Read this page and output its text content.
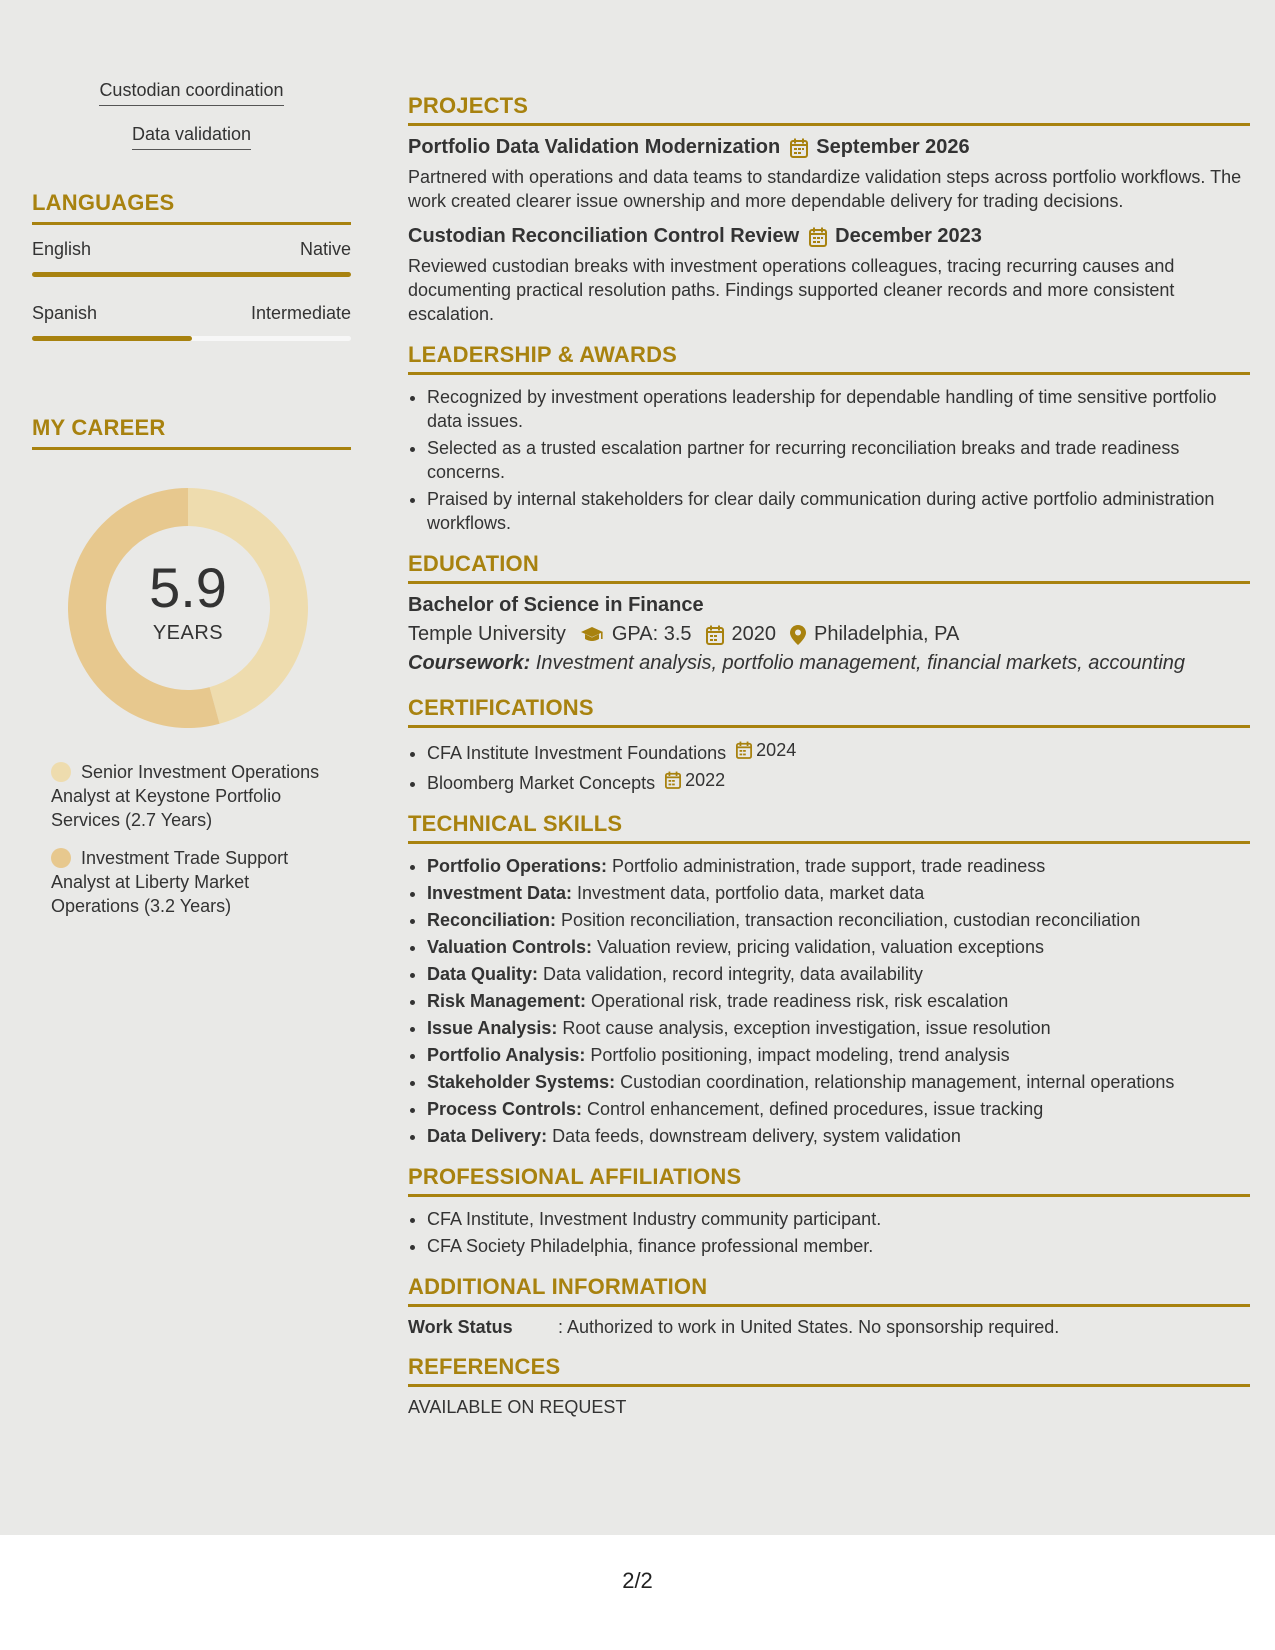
Custodian coordination
Data validation
LANGUAGES
English	Native
Spanish	Intermediate
MY CAREER
5.9
YEARS
Senior Investment Operations Analyst at Keystone Portfolio Services (2.7 Years)
Investment Trade Support Analyst at Liberty Market Operations (3.2 Years)
PROJECTS
Portfolio Data Validation Modernization September 2026
Partnered with operations and data teams to standardize validation steps across portfolio workflows. The work created clearer issue ownership and more dependable delivery for trading decisions.
Custodian Reconciliation Control Review December 2023
Reviewed custodian breaks with investment operations colleagues, tracing recurring causes and documenting practical resolution paths. Findings supported cleaner records and more consistent escalation.
LEADERSHIP & AWARDS
• Recognized by investment operations leadership for dependable handling of time sensitive portfolio data issues.
• Selected as a trusted escalation partner for recurring reconciliation breaks and trade readiness concerns.
• Praised by internal stakeholders for clear daily communication during active portfolio administration workflows.
EDUCATION
Bachelor of Science in Finance
Temple University GPA: 3.5 2020 Philadelphia, PA
Coursework: Investment analysis, portfolio management, financial markets, accounting
CERTIFICATIONS
• CFA Institute Investment Foundations 2024
• Bloomberg Market Concepts 2022
TECHNICAL SKILLS
• Portfolio Operations: Portfolio administration, trade support, trade readiness
• Investment Data: Investment data, portfolio data, market data
• Reconciliation: Position reconciliation, transaction reconciliation, custodian reconciliation
• Valuation Controls: Valuation review, pricing validation, valuation exceptions
• Data Quality: Data validation, record integrity, data availability
• Risk Management: Operational risk, trade readiness risk, risk escalation
• Issue Analysis: Root cause analysis, exception investigation, issue resolution
• Portfolio Analysis: Portfolio positioning, impact modeling, trend analysis
• Stakeholder Systems: Custodian coordination, relationship management, internal operations
• Process Controls: Control enhancement, defined procedures, issue tracking
• Data Delivery: Data feeds, downstream delivery, system validation
PROFESSIONAL AFFILIATIONS
• CFA Institute, Investment Industry community participant.
• CFA Society Philadelphia, finance professional member.
ADDITIONAL INFORMATION
Work Status	: Authorized to work in United States. No sponsorship required.
REFERENCES
AVAILABLE ON REQUEST
2/2
